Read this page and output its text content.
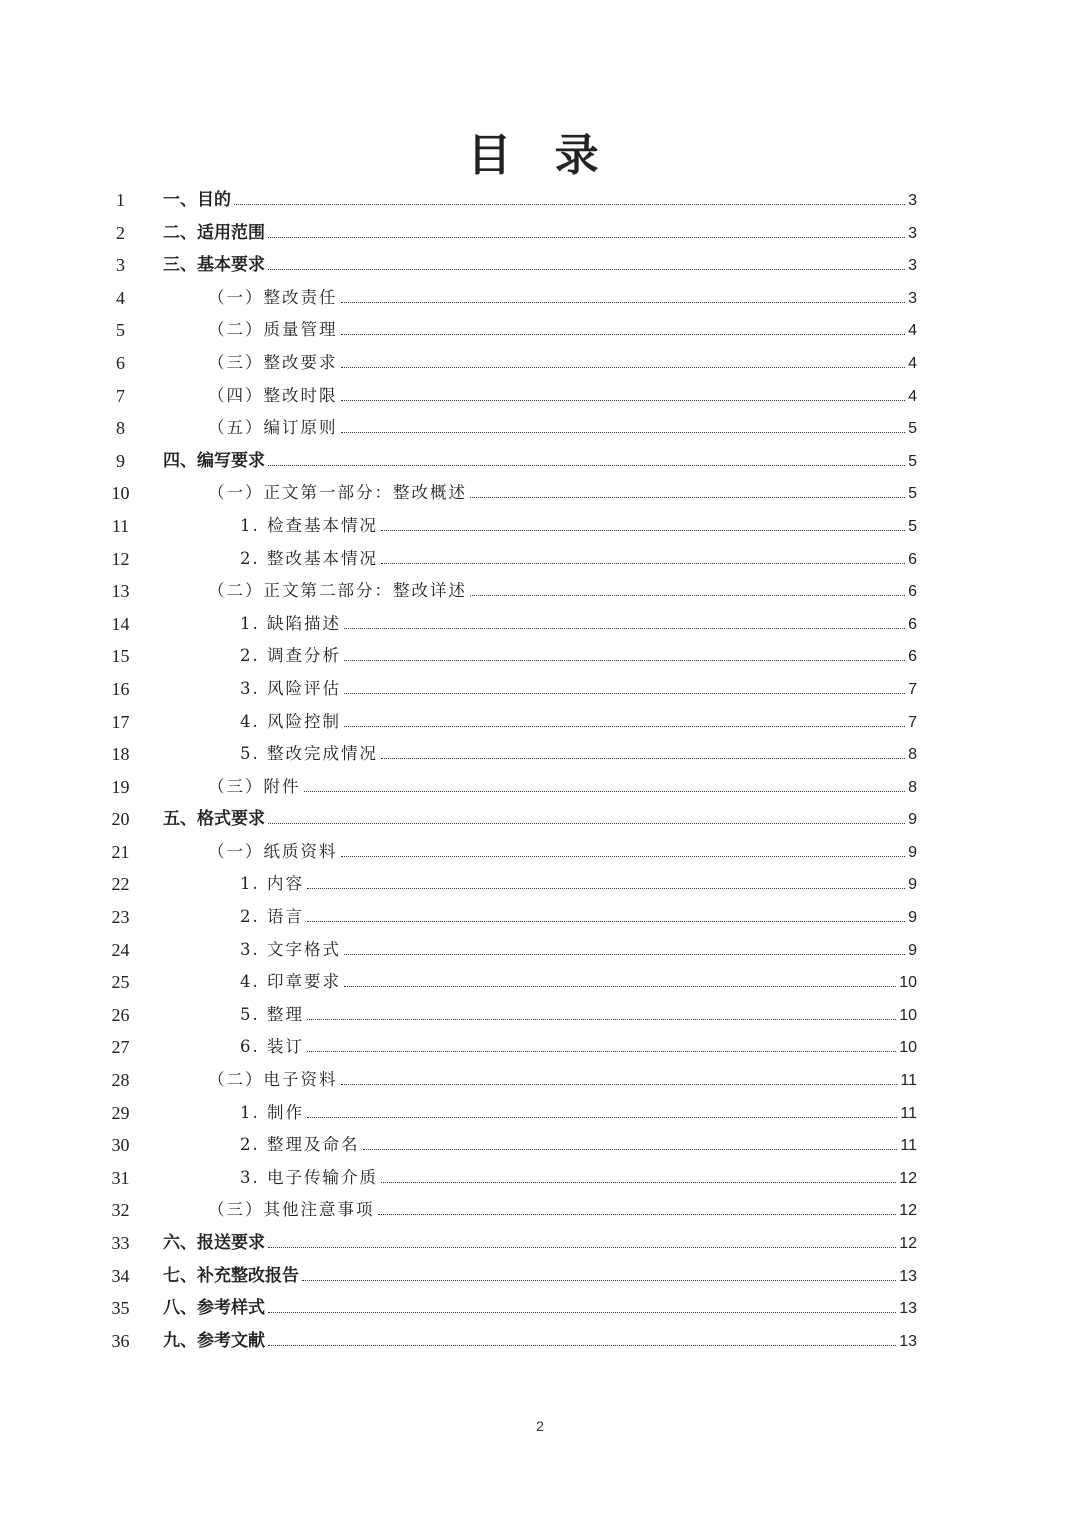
目 录
1	一、目的	3
2	二、适用范围	3
3	三、基本要求	3
4	（一）整改责任	3
5	（二）质量管理	4
6	（三）整改要求	4
7	（四）整改时限	4
8	（五）编订原则	5
9	四、编写要求	5
10	（一）正文第一部分：整改概述	5
11	1. 检查基本情况	5
12	2. 整改基本情况	6
13	（二）正文第二部分：整改详述	6
14	1. 缺陷描述	6
15	2. 调查分析	6
16	3. 风险评估	7
17	4. 风险控制	7
18	5. 整改完成情况	8
19	（三）附件	8
20	五、格式要求	9
21	（一）纸质资料	9
22	1. 内容	9
23	2. 语言	9
24	3. 文字格式	9
25	4. 印章要求	10
26	5. 整理	10
27	6. 装订	10
28	（二）电子资料	11
29	1. 制作	11
30	2. 整理及命名	11
31	3. 电子传输介质	12
32	（三）其他注意事项	12
33	六、报送要求	12
34	七、补充整改报告	13
35	八、参考样式	13
36	九、参考文献	13
2
